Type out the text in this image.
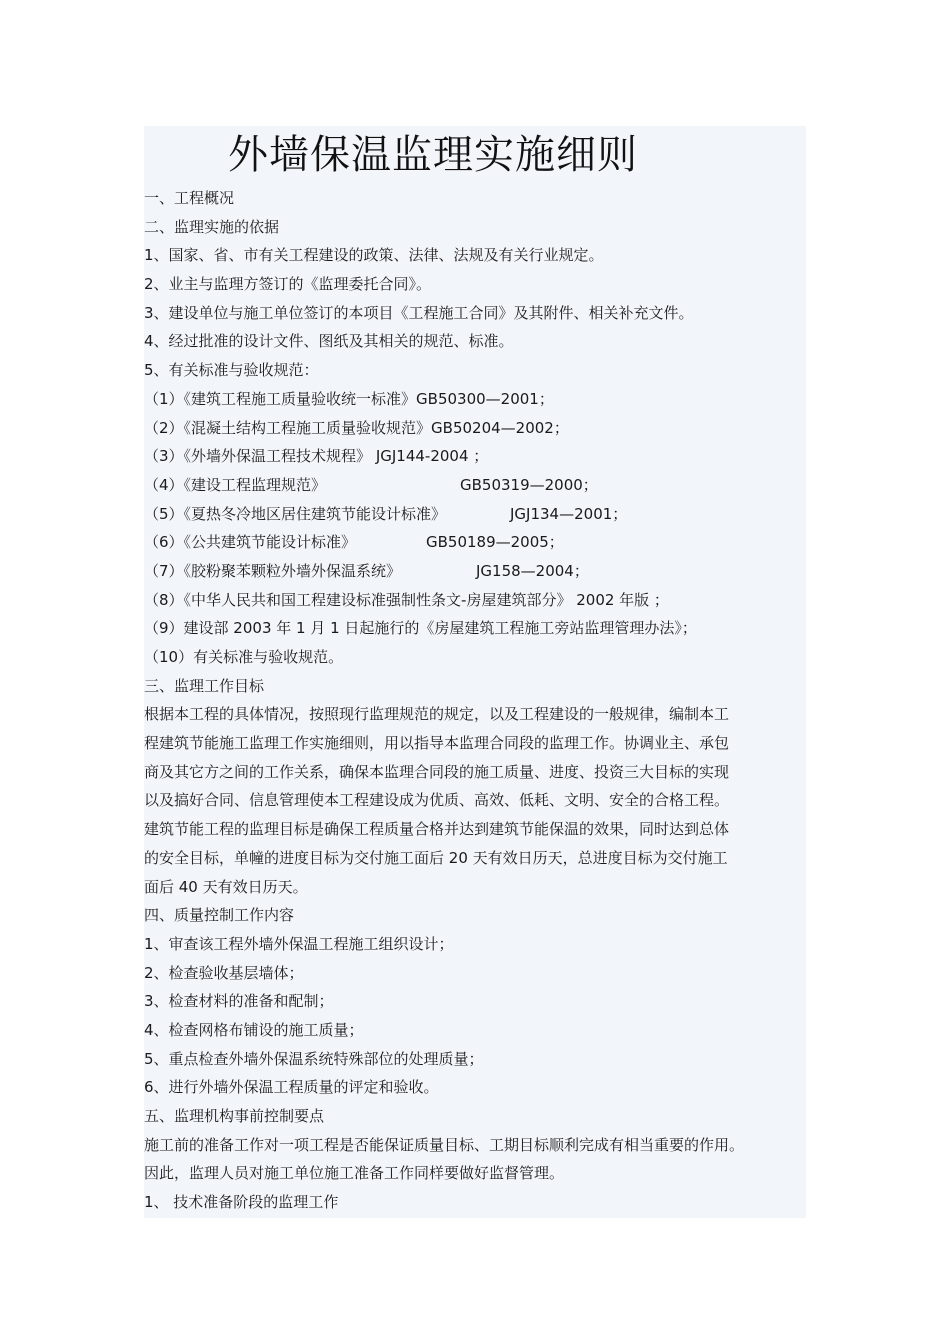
外墙保温监理实施细则
一、工程概况
二、监理实施的依据
1、国家、省、市有关工程建设的政策、法律、法规及有关行业规定。
2、业主与监理方签订的《监理委托合同》。
3、建设单位与施工单位签订的本项目《工程施工合同》及其附件、相关补充文件。
4、经过批准的设计文件、图纸及其相关的规范、标准。
5、有关标准与验收规范：
（1）《建筑工程施工质量验收统一标准》GB50300—2001；
（2）《混凝土结构工程施工质量验收规范》GB50204—2002；
（3）《外墙外保温工程技术规程》 JGJ144-2004 ；
（4）《建设工程监理规范》	GB50319—2000；
（5）《夏热冬冷地区居住建筑节能设计标准》	JGJ134—2001；
（6）《公共建筑节能设计标准》	GB50189—2005；
（7）《胶粉聚苯颗粒外墙外保温系统》	JG158—2004；
（8）《中华人民共和国工程建设标准强制性条文-房屋建筑部分》 2002 年版 ；
（9）建设部 2003 年 1 月 1 日起施行的《房屋建筑工程施工旁站监理管理办法》；
（10）有关标准与验收规范。
三、监理工作目标
根据本工程的具体情况，按照现行监理规范的规定，以及工程建设的一般规律，编制本工
程建筑节能施工监理工作实施细则，用以指导本监理合同段的监理工作。协调业主、承包
商及其它方之间的工作关系，确保本监理合同段的施工质量、进度、投资三大目标的实现
以及搞好合同、信息管理使本工程建设成为优质、高效、低耗、文明、安全的合格工程。
建筑节能工程的监理目标是确保工程质量合格并达到建筑节能保温的效果，同时达到总体
的安全目标，单幢的进度目标为交付施工面后 20 天有效日历天，总进度目标为交付施工
面后 40 天有效日历天。
四、质量控制工作内容
1、审查该工程外墙外保温工程施工组织设计；
2、检查验收基层墙体；
3、检查材料的准备和配制；
4、检查网格布铺设的施工质量；
5、重点检查外墙外保温系统特殊部位的处理质量；
6、进行外墙外保温工程质量的评定和验收。
五、监理机构事前控制要点
施工前的准备工作对一项工程是否能保证质量目标、工期目标顺利完成有相当重要的作用。
因此，监理人员对施工单位施工准备工作同样要做好监督管理。
1、 技术准备阶段的监理工作
